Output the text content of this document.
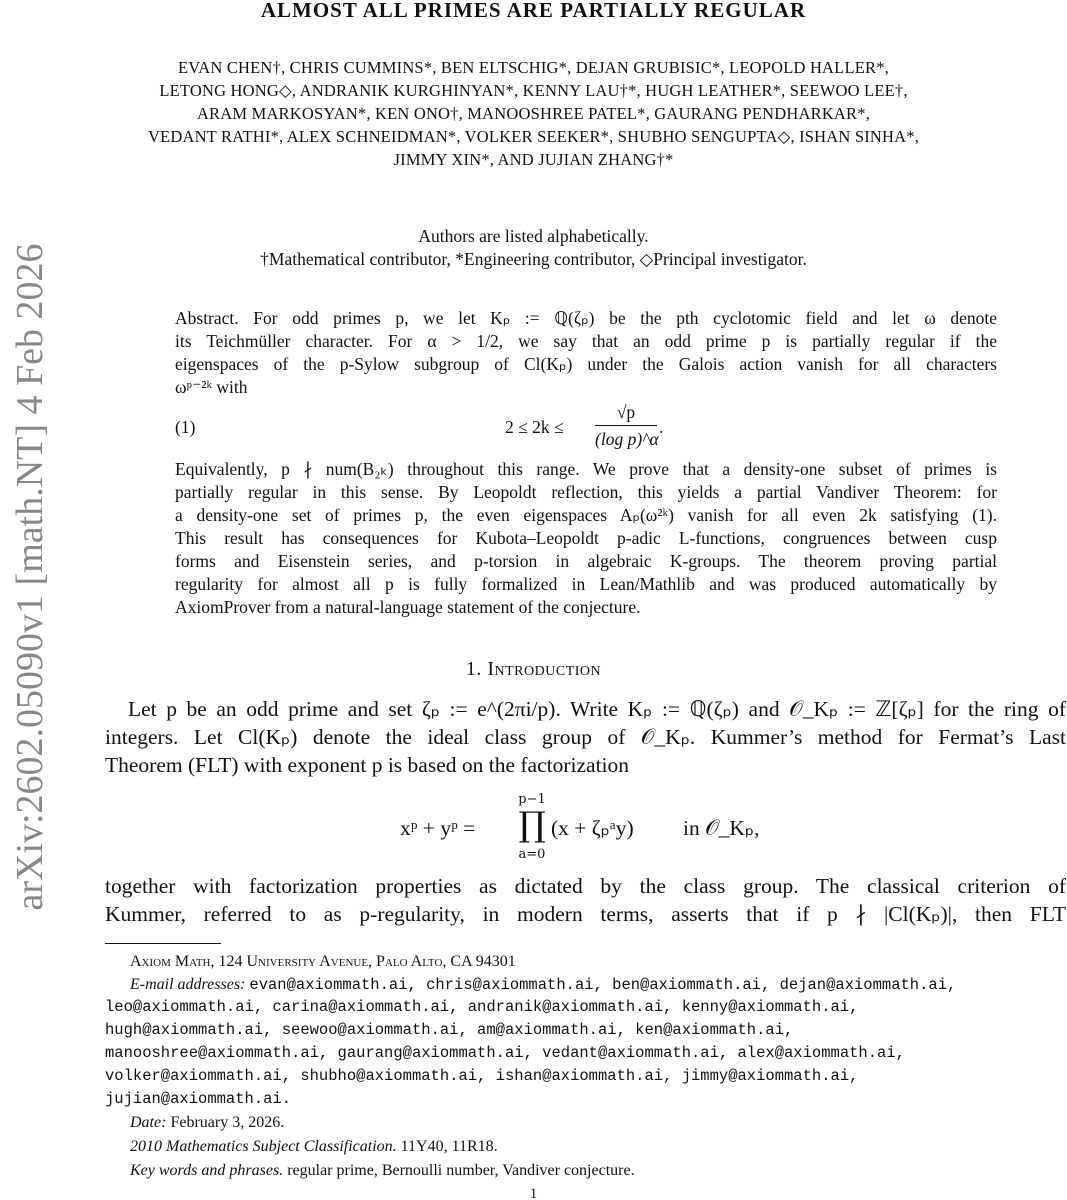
arXiv:2602.05090v1 [math.NT] 4 Feb 2026
ALMOST ALL PRIMES ARE PARTIALLY REGULAR
EVAN CHEN†, CHRIS CUMMINS*, BEN ELTSCHIG*, DEJAN GRUBISIC*, LEOPOLD HALLER*,
LETONG HONG◇, ANDRANIK KURGHINYAN*, KENNY LAU†*, HUGH LEATHER*, SEEWOO LEE†,
ARAM MARKOSYAN*, KEN ONO†, MANOOSHREE PATEL*, GAURANG PENDHARKAR*,
VEDANT RATHI*, ALEX SCHNEIDMAN*, VOLKER SEEKER*, SHUBHO SENGUPTA◇, ISHAN SINHA*,
JIMMY XIN*, AND JUJIAN ZHANG†*
Authors are listed alphabetically.
†Mathematical contributor, *Engineering contributor, ◇Principal investigator.
Abstract. For odd primes p, we let Kₚ := ℚ(ζₚ) be the pth cyclotomic field and let ω denote
its Teichmüller character. For α > 1/2, we say that an odd prime p is partially regular if the
eigenspaces of the p-Sylow subgroup of Cl(Kₚ) under the Galois action vanish for all characters
ωᵖ⁻²ᵏ with
(1)	2 ≤ 2k ≤
√p
(log p)^α
.
Equivalently, p ∤ num(B₂ₖ) throughout this range. We prove that a density-one subset of primes is
partially regular in this sense. By Leopoldt reflection, this yields a partial Vandiver Theorem: for
a density-one set of primes p, the even eigenspaces Aₚ(ω²ᵏ) vanish for all even 2k satisfying (1).
This result has consequences for Kubota–Leopoldt p-adic L-functions, congruences between cusp
forms and Eisenstein series, and p-torsion in algebraic K-groups. The theorem proving partial
regularity for almost all p is fully formalized in Lean/Mathlib and was produced automatically by
AxiomProver from a natural-language statement of the conjecture.
1. Introduction
Let p be an odd prime and set ζₚ := e^(2πi/p). Write Kₚ := ℚ(ζₚ) and 𝒪_Kₚ := ℤ[ζₚ] for the ring of
integers. Let Cl(Kₚ) denote the ideal class group of 𝒪_Kₚ. Kummer’s method for Fermat’s Last
Theorem (FLT) with exponent p is based on the factorization
xᵖ + yᵖ =
p−1
∏
a=0
(x + ζₚᵃy) in 𝒪_Kₚ,
together with factorization properties as dictated by the class group. The classical criterion of
Kummer, referred to as p-regularity, in modern terms, asserts that if p ∤ |Cl(Kₚ)|, then FLT
Axiom Math, 124 University Avenue, Palo Alto, CA 94301
E-mail addresses: evan@axiommath.ai, chris@axiommath.ai, ben@axiommath.ai, dejan@axiommath.ai,
leo@axiommath.ai, carina@axiommath.ai, andranik@axiommath.ai, kenny@axiommath.ai,
hugh@axiommath.ai, seewoo@axiommath.ai, am@axiommath.ai, ken@axiommath.ai,
manooshree@axiommath.ai, gaurang@axiommath.ai, vedant@axiommath.ai, alex@axiommath.ai,
volker@axiommath.ai, shubho@axiommath.ai, ishan@axiommath.ai, jimmy@axiommath.ai,
jujian@axiommath.ai.
Date: February 3, 2026.
2010 Mathematics Subject Classification. 11Y40, 11R18.
Key words and phrases. regular prime, Bernoulli number, Vandiver conjecture.
1
